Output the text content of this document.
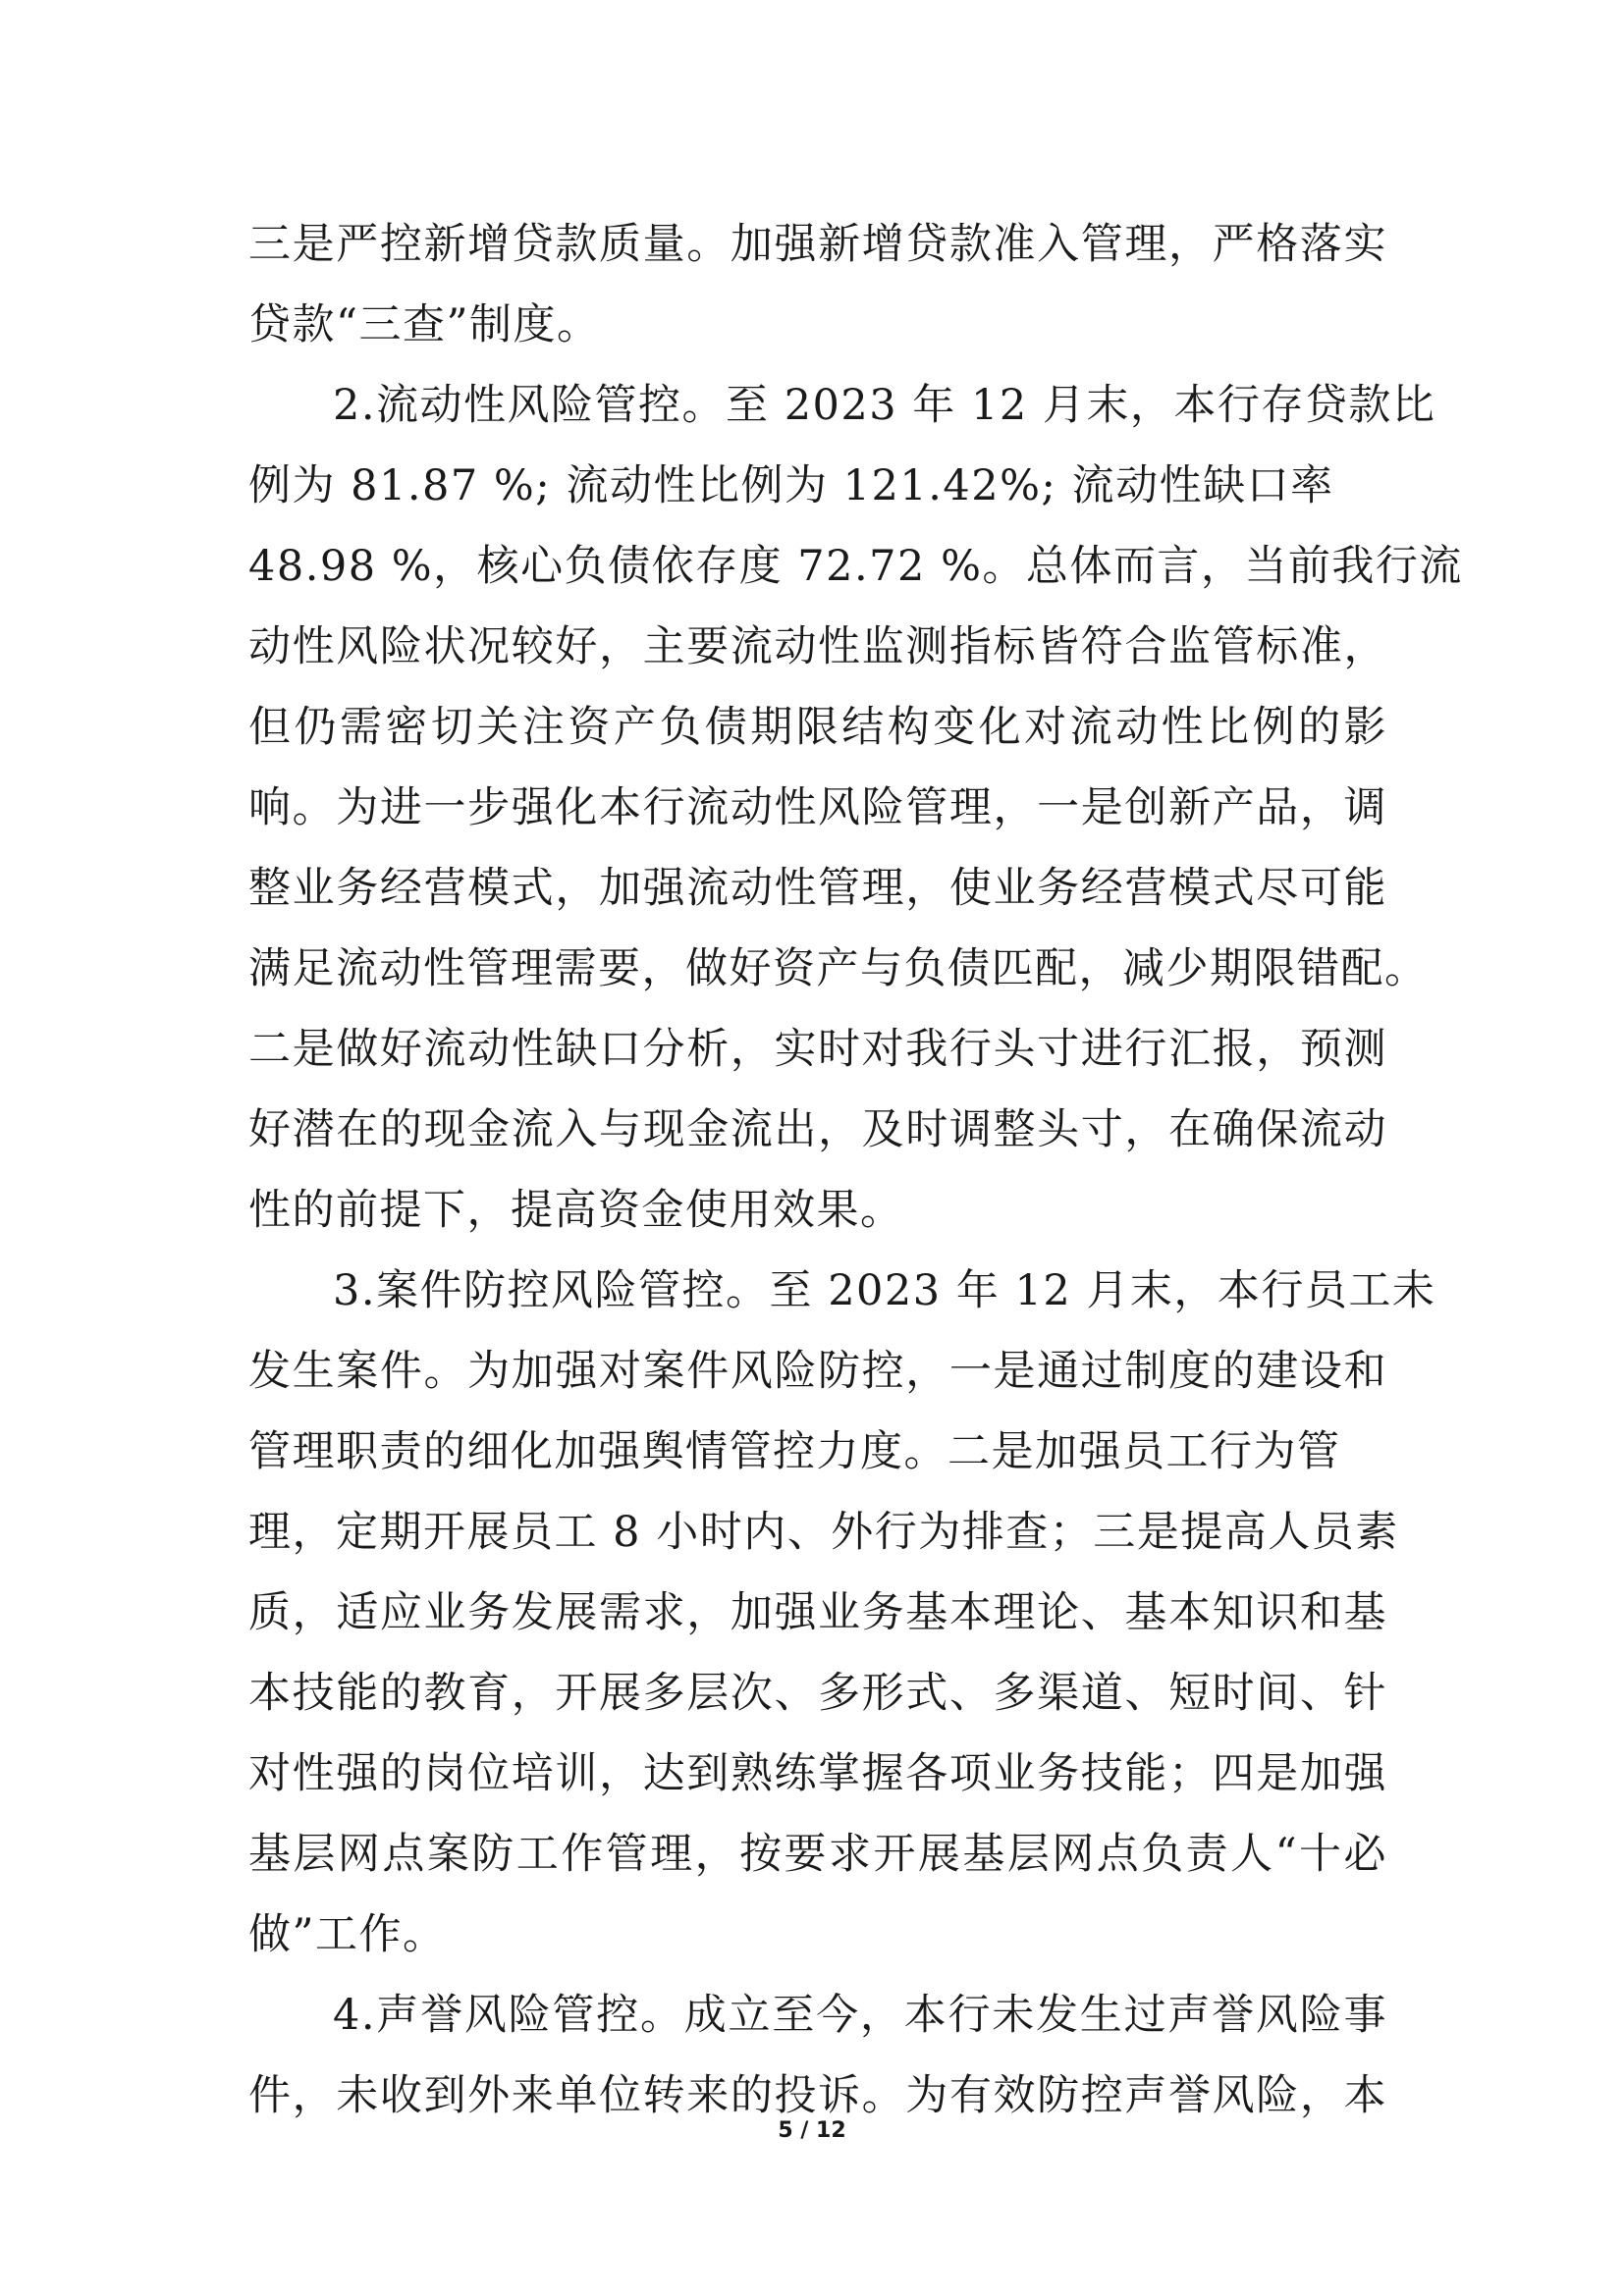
三是严控新增贷款质量。加强新增贷款准入管理，严格落实
贷款“三查”制度。
2.流动性风险管控。至 2023 年 12 月末，本行存贷款比
例为 81.87 %; 流动性比例为 121.42%; 流动性缺口率
48.98 %，核心负债依存度 72.72 %。总体而言，当前我行流
动性风险状况较好，主要流动性监测指标皆符合监管标准，
但仍需密切关注资产负债期限结构变化对流动性比例的影
响。为进一步强化本行流动性风险管理，一是创新产品，调
整业务经营模式，加强流动性管理，使业务经营模式尽可能
满足流动性管理需要，做好资产与负债匹配，减少期限错配。
二是做好流动性缺口分析，实时对我行头寸进行汇报，预测
好潜在的现金流入与现金流出，及时调整头寸，在确保流动
性的前提下，提高资金使用效果。
3.案件防控风险管控。至 2023 年 12 月末，本行员工未
发生案件。为加强对案件风险防控，一是通过制度的建设和
管理职责的细化加强舆情管控力度。二是加强员工行为管
理，定期开展员工 8 小时内、外行为排查；三是提高人员素
质，适应业务发展需求，加强业务基本理论、基本知识和基
本技能的教育，开展多层次、多形式、多渠道、短时间、针
对性强的岗位培训，达到熟练掌握各项业务技能；四是加强
基层网点案防工作管理，按要求开展基层网点负责人“十必
做”工作。
4.声誉风险管控。成立至今，本行未发生过声誉风险事
件，未收到外来单位转来的投诉。为有效防控声誉风险，本
5 / 12
